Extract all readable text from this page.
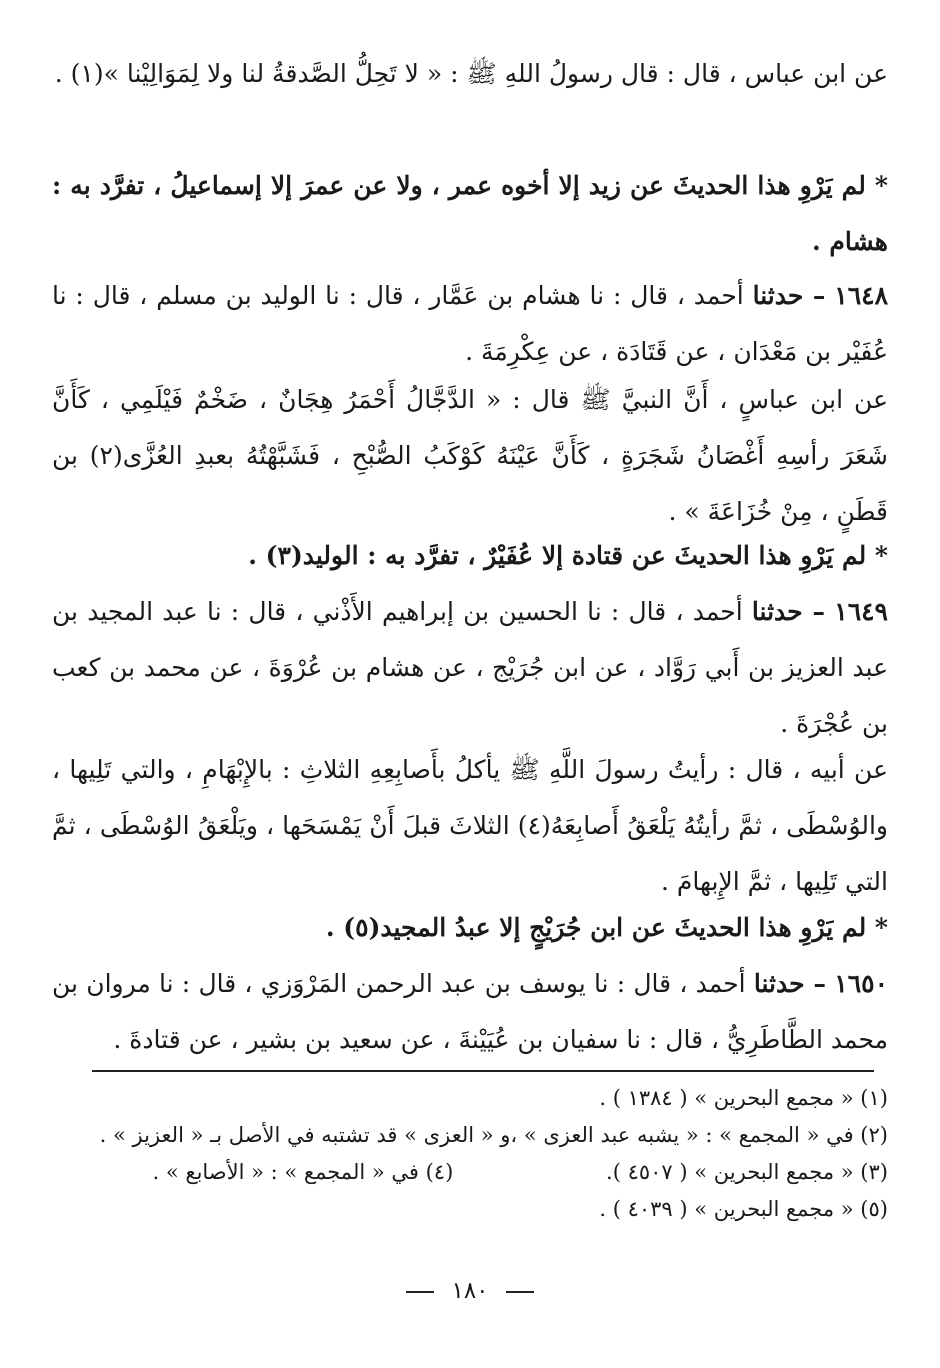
عن ابن عباس ، قال : قال رسولُ اللهِ ﷺ : « لا تَحِلُّ الصَّدقةُ لنا ولا لِمَوَالِيْنا »(١) .
* لم يَرْوِ هذا الحديثَ عن زيد إلا أخوه عمر ، ولا عن عمرَ إلا إسماعيلُ ، تفرَّد به : هشام .
١٦٤٨ – حدثنا أحمد ، قال : نا هشام بن عَمَّار ، قال : نا الوليد بن مسلم ، قال : نا عُفَيْر بن مَعْدَان ، عن قَتَادَة ، عن عِكْرِمَةَ .
عن ابن عباسٍ ، أَنَّ النبيَّ ﷺ قال : « الدَّجَّالُ أَحْمَرُ هِجَانٌ ، ضَخْمٌ فَيْلَمِي ، كَأَنَّ شَعَرَ رأسِهِ أَغْصَانُ شَجَرَةٍ ، كَأَنَّ عَيْنَهُ كَوْكَبُ الصُّبْحِ ، فَشَبَّهْتُهُ بعبدِ العُزَّى(٢) بن قَطَنٍ ، مِنْ خُزَاعَةَ » .
* لم يَرْوِ هذا الحديثَ عن قتادة إلا عُفَيْرٌ ، تفرَّد به : الوليد(٣) .
١٦٤٩ – حدثنا أحمد ، قال : نا الحسين بن إبراهيم الأَذْني ، قال : نا عبد المجيد بن عبد العزيز بن أَبي رَوَّاد ، عن ابن جُرَيْج ، عن هشام بن عُرْوَةَ ، عن محمد بن كعب بن عُجْرَةَ .
عن أبيه ، قال : رأيتُ رسولَ اللَّهِ ﷺ يأكلُ بأَصابِعِهِ الثلاثِ : بالإِبْهَامِ ، والتي تَلِيها ، والوُسْطَى ، ثمَّ رأيتُهُ يَلْعَقُ أَصابِعَهُ(٤) الثلاثَ قبلَ أَنْ يَمْسَحَها ، ويَلْعَقُ الوُسْطَى ، ثمَّ التي تَلِيها ، ثمَّ الإِبهامَ .
* لم يَرْوِ هذا الحديثَ عن ابن جُرَيْجٍ إلا عبدُ المجيد(٥) .
١٦٥٠ – حدثنا أحمد ، قال : نا يوسف بن عبد الرحمن المَرْوَزي ، قال : نا مروان بن محمد الطَّاطَرِيُّ ، قال : نا سفيان بن عُيَيْنةَ ، عن سعيد بن بشير ، عن قتادةَ .
(١) « مجمع البحرين » ( ١٣٨٤ ) .
(٢) في « المجمع » : « يشبه عبد العزى » ،و « العزى » قد تشتبه في الأصل بـ « العزيز » .
(٣) « مجمع البحرين » ( ٤٥٠٧ ).
(٤) في « المجمع » : « الأصابع » .
(٥) « مجمع البحرين » ( ٤٠٣٩ ) .
١٨٠
